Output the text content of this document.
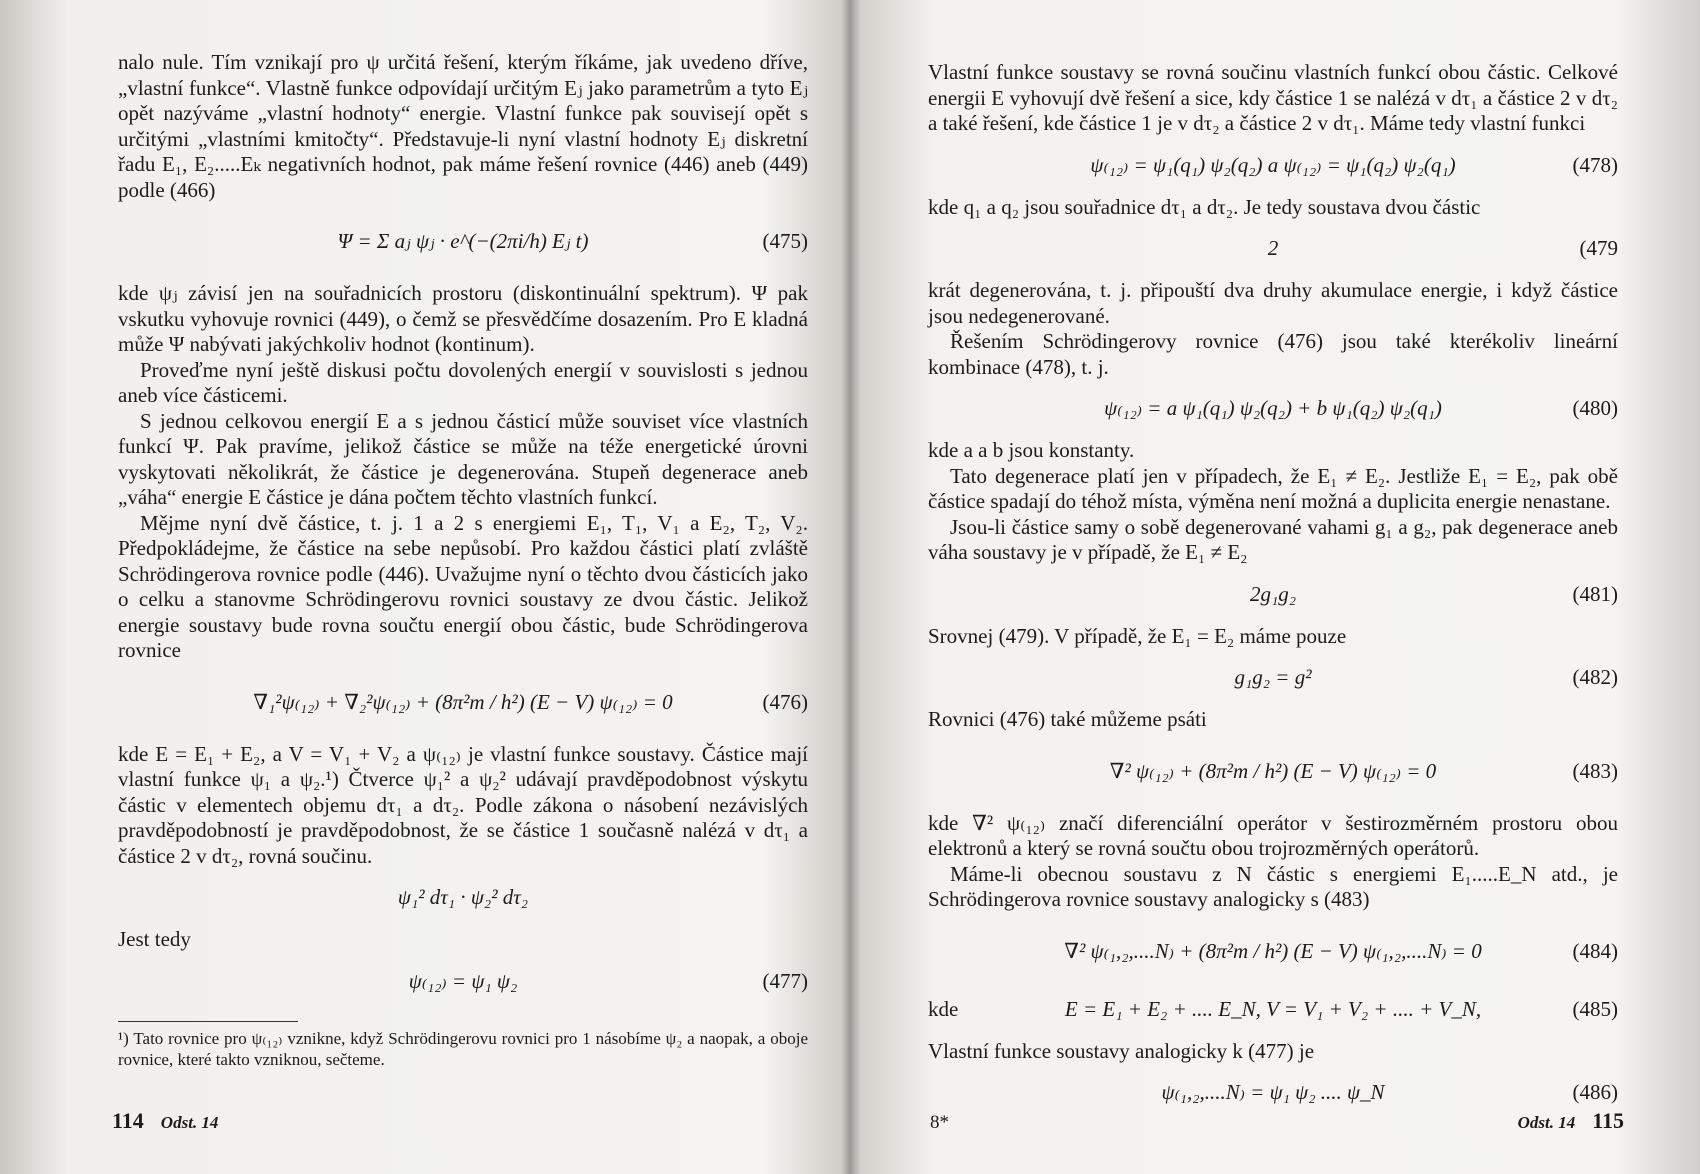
nalo nule. Tím vznikají pro ψ určitá řešení, kterým říkáme, jak uvedeno dříve, „vlastní funkce“. Vlastně funkce odpovídají určitým Eⱼ jako parametrům a tyto Eⱼ opět nazýváme „vlastní hodnoty“ energie. Vlastní funkce pak souvisejí opět s určitými „vlastními kmitočty“. Představuje-li nyní vlastní hodnoty Eⱼ diskretní řadu E₁, E₂.....Eₖ negativních hodnot, pak máme řešení rovnice (446) aneb (449) podle (466)

Ψ = Σ aⱼ ψⱼ · e^(−(2πi/h) Eⱼ t)	(475)

kde ψⱼ závisí jen na souřadnicích prostoru (diskontinuální spektrum). Ψ pak vskutku vyhovuje rovnici (449), o čemž se přesvědčíme dosazením. Pro E kladná může Ψ nabývati jakýchkoliv hodnot (kontinum).

Proveďme nyní ještě diskusi počtu dovolených energií v souvislosti s jednou aneb více částicemi.

S jednou celkovou energií E a s jednou částicí může souviset více vlastních funkcí Ψ. Pak pravíme, jelikož částice se může na téže energetické úrovni vyskytovati několikrát, že částice je degenerována. Stupeň degenerace aneb „váha“ energie E částice je dána počtem těchto vlastních funkcí.

Mějme nyní dvě částice, t. j. 1 a 2 s energiemi E₁, T₁, V₁ a E₂, T₂, V₂. Předpokládejme, že částice na sebe nepůsobí. Pro každou částici platí zvláště Schrödingerova rovnice podle (446). Uvažujme nyní o těchto dvou částicích jako o celku a stanovme Schrödingerovu rovnici soustavy ze dvou částic. Jelikož energie soustavy bude rovna součtu energií obou částic, bude Schrödingerova rovnice

∇₁²ψ₍₁₂₎ + ∇₂²ψ₍₁₂₎ + (8π²m / h²) (E − V) ψ₍₁₂₎ = 0	(476)

kde E = E₁ + E₂, a V = V₁ + V₂ a ψ₍₁₂₎ je vlastní funkce soustavy. Částice mají vlastní funkce ψ₁ a ψ₂.¹) Čtverce ψ₁² a ψ₂² udávají pravděpodobnost výskytu částic v elementech objemu dτ₁ a dτ₂. Podle zákona o násobení nezávislých pravděpodobností je pravděpodobnost, že se částice 1 současně nalézá v dτ₁ a částice 2 v dτ₂, rovná součinu.

ψ₁² dτ₁ · ψ₂² dτ₂

Jest tedy

ψ₍₁₂₎ = ψ₁ ψ₂	(477)

¹) Tato rovnice pro ψ₍₁₂₎ vznikne, když Schrödingerovu rovnici pro 1 násobíme ψ₂ a naopak, a oboje rovnice, které takto vzniknou, sečteme.

114 Odst. 14

Vlastní funkce soustavy se rovná součinu vlastních funkcí obou částic. Celkové energii E vyhovují dvě řešení a sice, kdy částice 1 se nalézá v dτ₁ a částice 2 v dτ₂ a také řešení, kde částice 1 je v dτ₂ a částice 2 v dτ₁. Máme tedy vlastní funkci

ψ₍₁₂₎ = ψ₁(q₁) ψ₂(q₂) a ψ₍₁₂₎ = ψ₁(q₂) ψ₂(q₁)	(478)

kde q₁ a q₂ jsou souřadnice dτ₁ a dτ₂. Je tedy soustava dvou částic

2	(479

krát degenerována, t. j. připouští dva druhy akumulace energie, i když částice jsou nedegenerované.

Řešením Schrödingerovy rovnice (476) jsou také kterékoliv lineární kombinace (478), t. j.

ψ₍₁₂₎ = a ψ₁(q₁) ψ₂(q₂) + b ψ₁(q₂) ψ₂(q₁)	(480)

kde a a b jsou konstanty.

Tato degenerace platí jen v případech, že E₁ ≠ E₂. Jestliže E₁ = E₂, pak obě částice spadají do téhož místa, výměna není možná a duplicita energie nenastane.

Jsou-li částice samy o sobě degenerované vahami g₁ a g₂, pak degenerace aneb váha soustavy je v případě, že E₁ ≠ E₂

2g₁g₂	(481)

Srovnej (479). V případě, že E₁ = E₂ máme pouze

g₁g₂ = g²	(482)

Rovnici (476) také můžeme psáti

∇² ψ₍₁₂₎ + (8π²m / h²) (E − V) ψ₍₁₂₎ = 0	(483)

kde ∇² ψ₍₁₂₎ značí diferenciální operátor v šestirozměrném prostoru obou elektronů a který se rovná součtu obou trojrozměrných operátorů.

Máme-li obecnou soustavu z N částic s energiemi E₁.....E_N atd., je Schrödingerova rovnice soustavy analogicky s (483)

∇² ψ₍₁,₂,....N₎ + (8π²m / h²) (E − V) ψ₍₁,₂,....N₎ = 0	(484)
kde	E = E₁ + E₂ + .... E_N, V = V₁ + V₂ + .... + V_N,	(485)

Vlastní funkce soustavy analogicky k (477) je

ψ₍₁,₂,....N₎ = ψ₁ ψ₂ .... ψ_N	(486)
8*	Odst. 14 115
